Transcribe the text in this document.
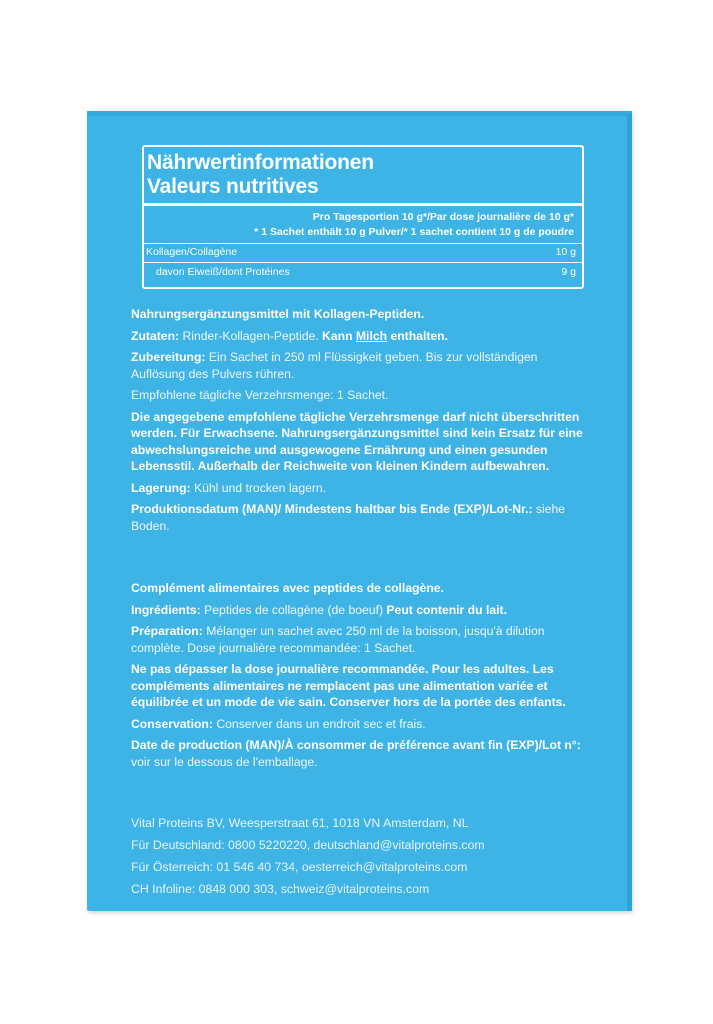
Nährwertinformationen
Valeurs nutritives
Pro Tagesportion 10 g*/Par dose journalière de 10 g*
* 1 Sachet enthält 10 g Pulver/* 1 sachet contient 10 g de poudre
Kollagen/Collagène	10 g
davon Eiweiß/dont Protéines	9 g

Nahrungsergänzungsmittel mit Kollagen-Peptiden.

Zutaten: Rinder-Kollagen-Peptide. Kann Milch enthalten.

Zubereitung: Ein Sachet in 250 ml Flüssigkeit geben. Bis zur vollständigen Auflösung des Pulvers rühren.

Empfohlene tägliche Verzehrsmenge: 1 Sachet.

Die angegebene empfohlene tägliche Verzehrsmenge darf nicht überschritten werden. Für Erwachsene. Nahrungsergänzungsmittel sind kein Ersatz für eine abwechslungsreiche und ausgewogene Ernährung und einen gesunden Lebensstil. Außerhalb der Reichweite von kleinen Kindern aufbewahren.

Lagerung: Kühl und trocken lagern.

Produktionsdatum (MAN)/ Mindestens haltbar bis Ende (EXP)/Lot-Nr.: siehe Boden.

Complément alimentaires avec peptides de collagène.

Ingrédients: Peptides de collagène (de boeuf) Peut contenir du lait.

Préparation: Mélanger un sachet avec 250 ml de la boisson, jusqu'à dilution complète. Dose journalière recommandée: 1 Sachet.

Ne pas dépasser la dose journalière recommandée. Pour les adultes. Les compléments alimentaires ne remplacent pas une alimentation variée et équilibrée et un mode de vie sain. Conserver hors de la portée des enfants.

Conservation: Conserver dans un endroit sec et frais.

Date de production (MAN)/À consommer de préférence avant fin (EXP)/Lot n°: voir sur le dessous de l'emballage.

Vital Proteins BV, Weesperstraat 61, 1018 VN Amsterdam, NL
Für Deutschland: 0800 5220220, deutschland@vitalproteins.com
Für Österreich: 01 546 40 734, oesterreich@vitalproteins.com
CH Infoline: 0848 000 303, schweiz@vitalproteins.com
